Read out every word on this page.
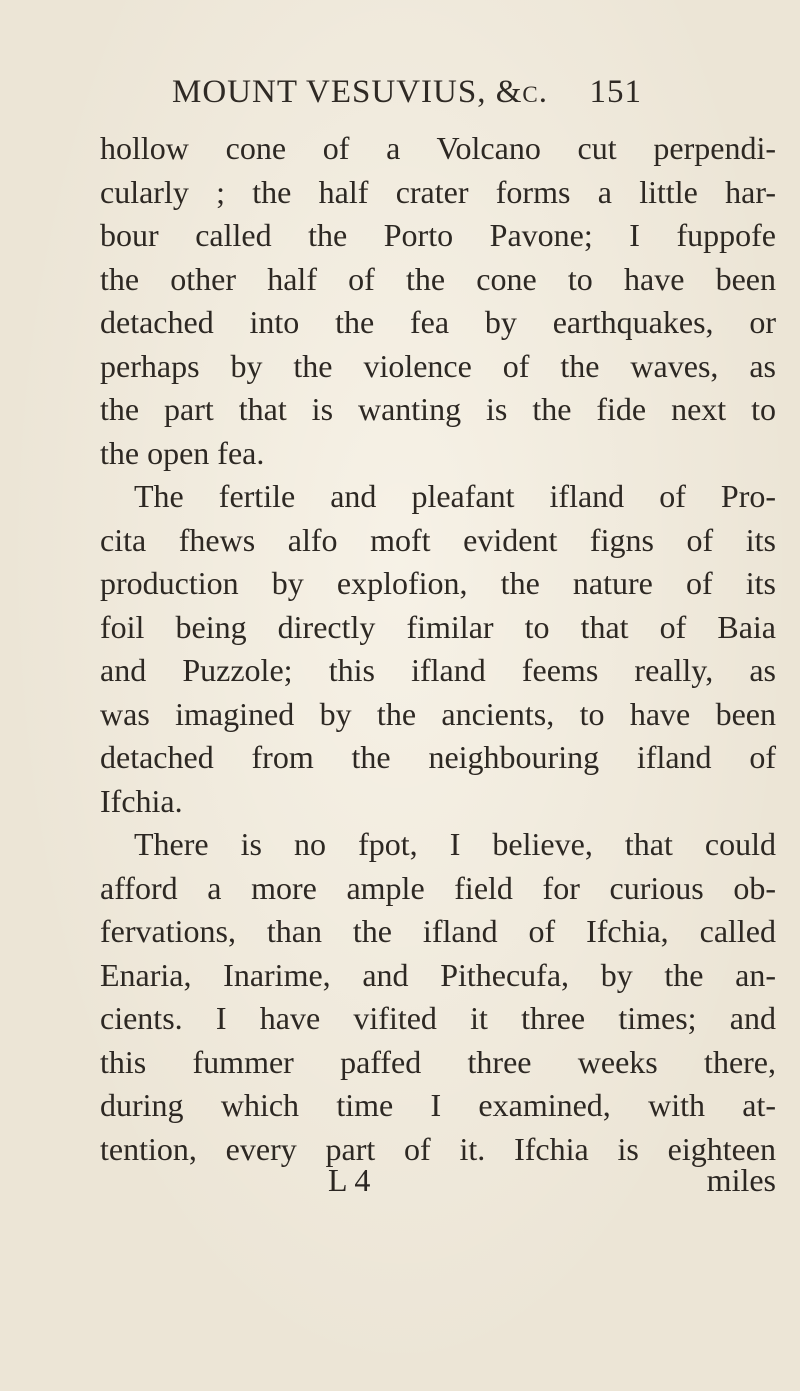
MOUNT VESUVIUS, &c. 151
hollow cone of a Volcano cut perpendi-
cularly ; the half crater forms a little har-
bour called the Porto Pavone; I fuppofe
the other half of the cone to have been
detached into the fea by earthquakes, or
perhaps by the violence of the waves, as
the part that is wanting is the fide next to
the open fea.
The fertile and pleafant ifland of Pro-
cita fhews alfo moft evident figns of its
production by explofion, the nature of its
foil being directly fimilar to that of Baia
and Puzzole; this ifland feems really, as
was imagined by the ancients, to have been
detached from the neighbouring ifland of
Ifchia.
There is no fpot, I believe, that could
afford a more ample field for curious ob-
fervations, than the ifland of Ifchia, called
Enaria, Inarime, and Pithecufa, by the an-
cients. I have vifited it three times; and
this fummer paffed three weeks there,
during which time I examined, with at-
tention, every part of it. Ifchia is eighteen
L 4	miles
